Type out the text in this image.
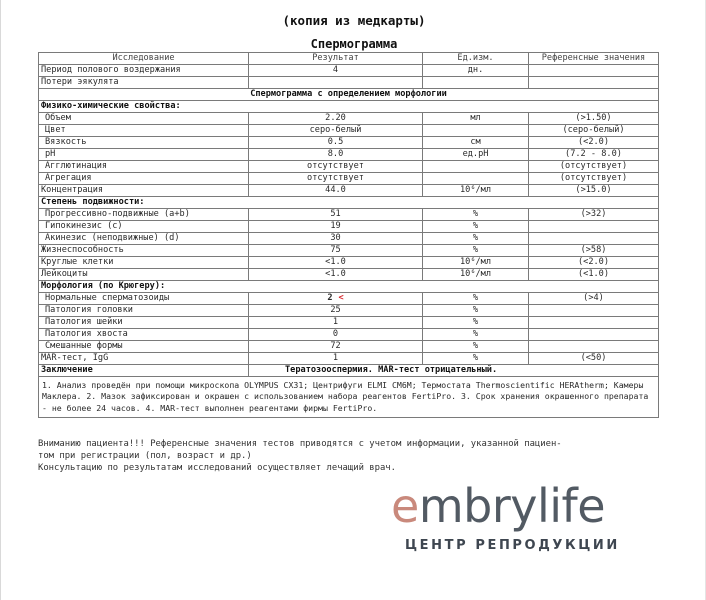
(копия из медкарты)
Спермограмма
Исследование	Результат	Ед.изм.	Референсные значения
Период полового воздержания	4	дн.	
Потери эякулята			
Спермограмма с определением морфологии			
Физико-химические свойства:			
Объем	2.20	мл	(>1.50)
Цвет	серо-белый		(серо-белый)
Вязкость	0.5	см	(<2.0)
pH	8.0	ед.pH	(7.2 - 8.0)
Агглютинация	отсутствует		(отсутствует)
Агрегация	отсутствует		(отсутствует)
Концентрация	44.0	10⁶/мл	(>15.0)
Степень подвижности:			
Прогрессивно-подвижные (a+b)	51	%	(>32)
Гипокинезис (c)	19	%	
Акинезис (неподвижные) (d)	30	%	
Жизнеспособность	75	%	(>58)
Круглые клетки	<1.0	10⁶/мл	(<2.0)
Лейкоциты	<1.0	10⁶/мл	(<1.0)
Морфология (по Крюгеру):			
Нормальные сперматозоиды	2 <	%	(>4)
Патология головки	25	%	
Патология шейки	1	%	
Патология хвоста	0	%	
Смешанные формы	72	%	
MAR-тест, IgG	1	%	(<50)
Заключение	Тератозооспермия. MAR-тест отрицательный.		
1. Анализ проведён при помощи микроскопа OLYMPUS CX31; Центрифуги ELMI CM6M; Термостата Thermoscientific HERAtherm; Камеры Маклера. 2. Мазок зафиксирован и окрашен с использованием набора реагентов FertiPro. 3. Срок хранения окрашенного препарата - не более 24 часов. 4. MAR-тест выполнен реагентами фирмы FertiPro.			
Вниманию пациента!!! Референсные значения тестов приводятся с учетом информации, указанной пациен-
том при регистрации (пол, возраст и др.)
Консультацию по результатам исследований осуществляет лечащий врач.
embrylife
ЦЕНТР РЕПРОДУКЦИИ
